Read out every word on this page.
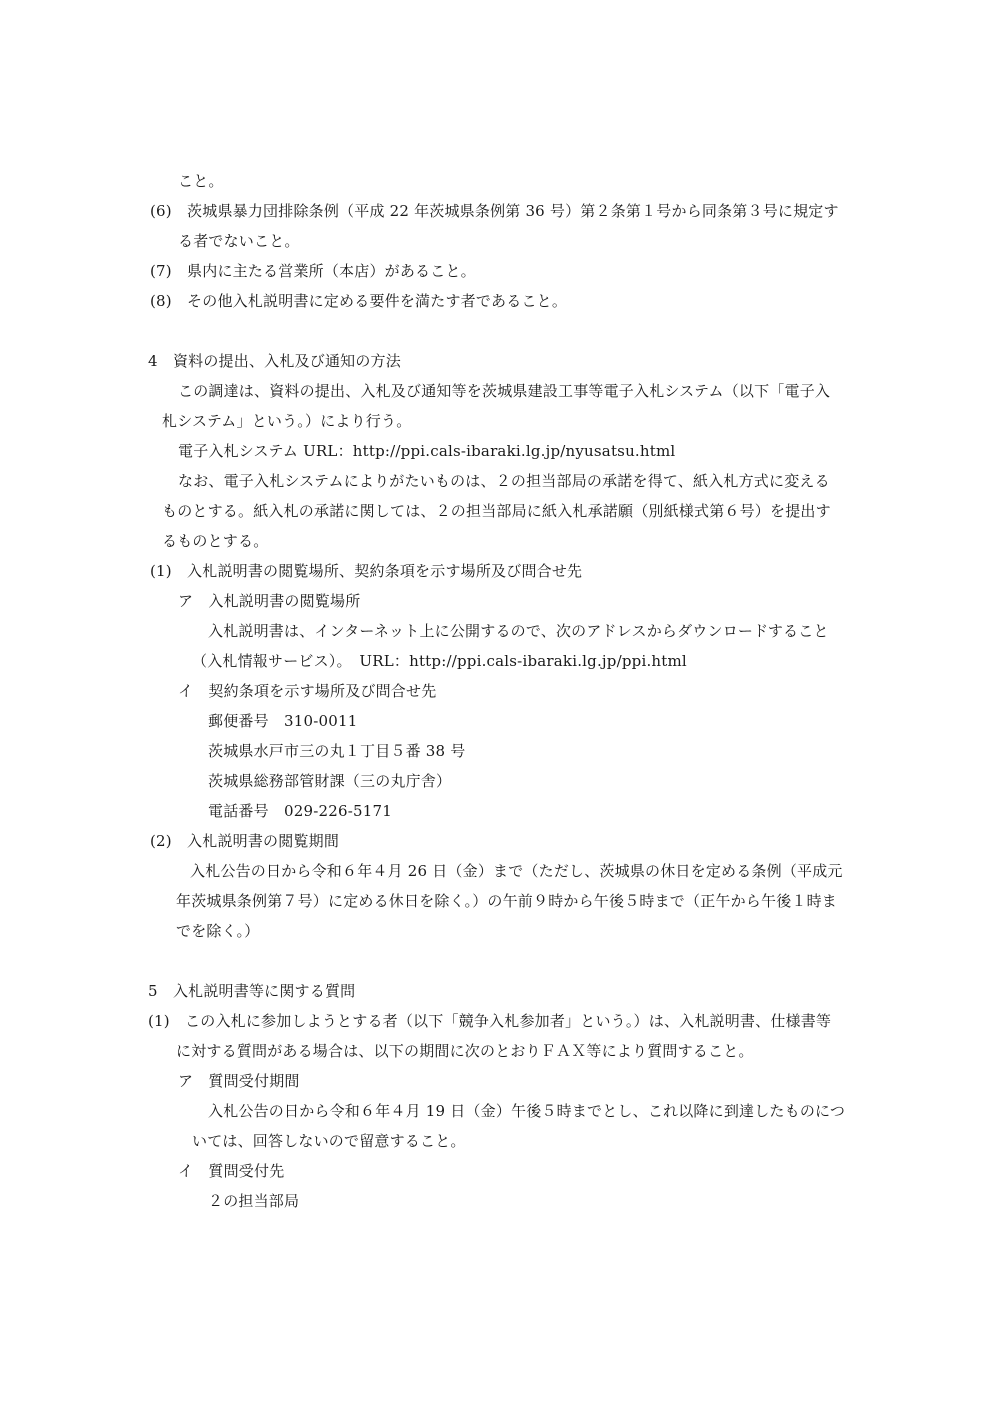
こと。
(6)　茨城県暴力団排除条例（平成 22 年茨城県条例第 36 号）第２条第１号から同条第３号に規定す
る者でないこと。
(7)　県内に主たる営業所（本店）があること。
(8)　その他入札説明書に定める要件を満たす者であること。
4　資料の提出、入札及び通知の方法
この調達は、資料の提出、入札及び通知等を茨城県建設工事等電子入札システム（以下「電子入
札システム」という。）により行う。
電子入札システム URL：http://ppi.cals-ibaraki.lg.jp/nyusatsu.html
なお、電子入札システムによりがたいものは、２の担当部局の承諾を得て、紙入札方式に変える
ものとする。紙入札の承諾に関しては、２の担当部局に紙入札承諾願（別紙様式第６号）を提出す
るものとする。
(1)　入札説明書の閲覧場所、契約条項を示す場所及び問合せ先
ア　入札説明書の閲覧場所
入札説明書は、インターネット上に公開するので、次のアドレスからダウンロードすること
（入札情報サービス）。　URL：http://ppi.cals-ibaraki.lg.jp/ppi.html
イ　契約条項を示す場所及び問合せ先
郵便番号　310-0011
茨城県水戸市三の丸１丁目５番 38 号
茨城県総務部管財課（三の丸庁舎）
電話番号　029-226-5171
(2)　入札説明書の閲覧期間
入札公告の日から令和６年４月 26 日（金）まで（ただし、茨城県の休日を定める条例（平成元
年茨城県条例第７号）に定める休日を除く。）の午前９時から午後５時まで（正午から午後１時ま
でを除く。）
5　入札説明書等に関する質問
(1)　この入札に参加しようとする者（以下「競争入札参加者」という。）は、入札説明書、仕様書等
に対する質問がある場合は、以下の期間に次のとおりＦＡＸ等により質問すること。
ア　質問受付期間
入札公告の日から令和６年４月 19 日（金）午後５時までとし、これ以降に到達したものにつ
いては、回答しないので留意すること。
イ　質問受付先
２の担当部局
